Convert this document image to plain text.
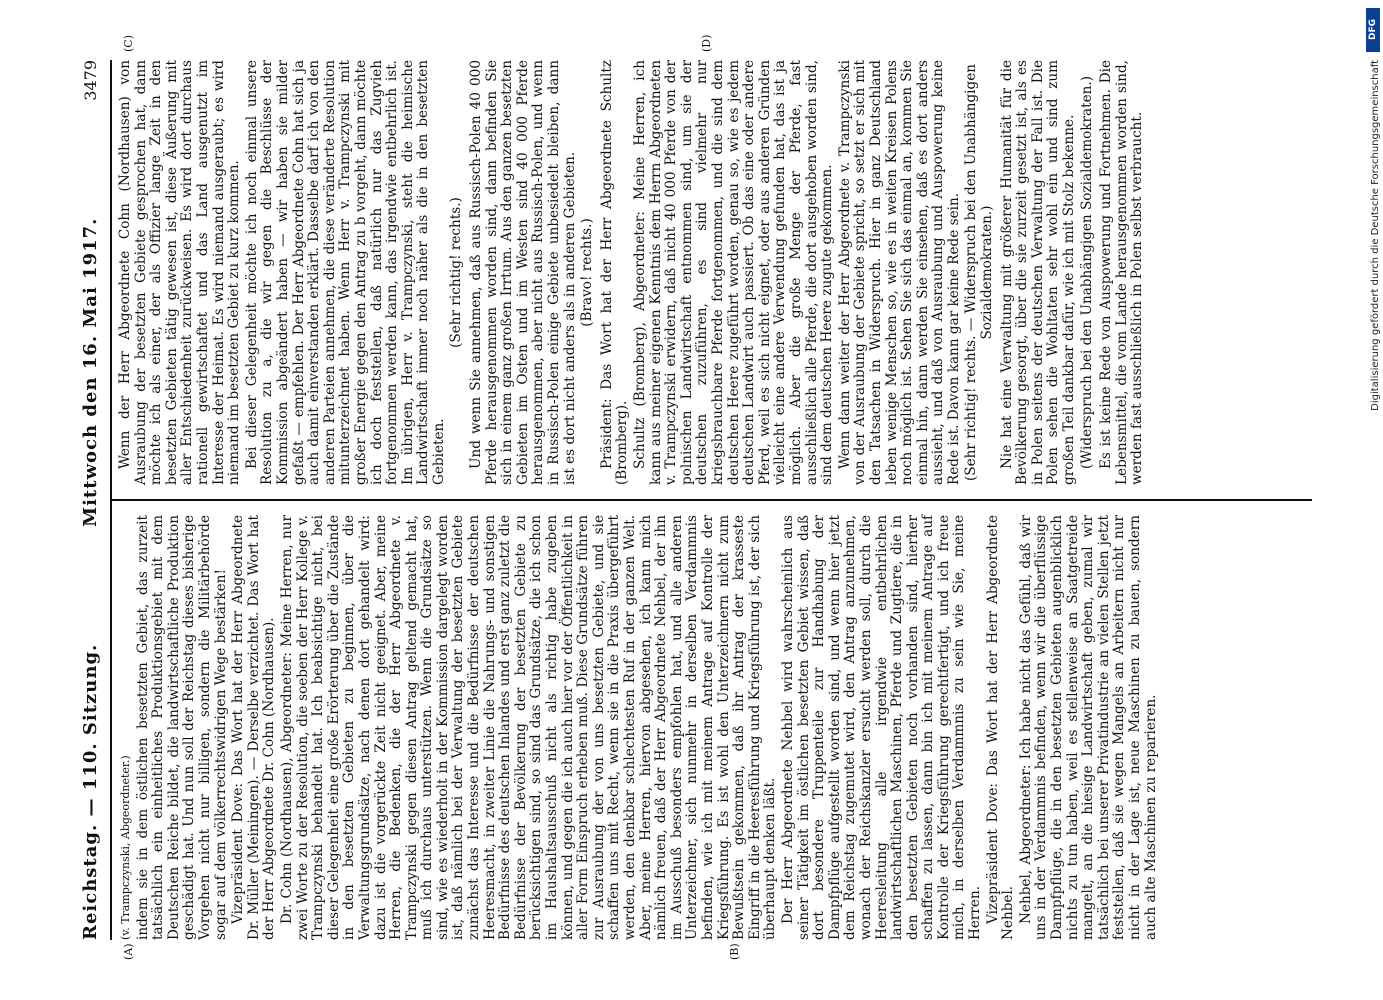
Reichstag. — 110. Sitzung.
Mittwoch den 16. Mai 1917.
3479
(A)	(B)
(C)	(D)

(v. Trampczynski, Abgeordneter.) indem sie in dem östlichen besetzten Gebiet, das zurzeit tatsächlich ein einheitliches Produktionsgebiet mit dem Deutschen Reiche bildet, die landwirtschaftliche Produktion geschädigt hat. Und nun soll der Reichstag dieses bisherige Vorgehen nicht nur billigen, sondern die Militärbehörde sogar auf dem völkerrechtswidrigen Wege bestärken! Vizepräsident Dove: Das Wort hat der Herr Abgeordnete Dr. Müller (Meiningen). — Derselbe verzichtet. Das Wort hat der Herr Abgeordnete Dr. Cohn (Nordhausen). Dr. Cohn (Nordhausen), Abgeordneter: Meine Herren, nur zwei Worte zu der Resolution, die soeben der Herr Kollege v. Trampczynski behandelt hat. Ich beabsichtige nicht, bei dieser Gelegenheit eine große Erörterung über die Zustände in den besetzten Gebieten zu beginnen, über die Verwaltungsgrundsätze, nach denen dort gehandelt wird: dazu ist die vorgerückte Zeit nicht geeignet. Aber, meine Herren, die Bedenken, die der Herr Abgeordnete v. Trampczynski gegen diesen Antrag geltend gemacht hat, muß ich durchaus unterstützen. Wenn die Grundsätze so sind, wie es wiederholt in der Kommission dargelegt worden ist, daß nämlich bei der Verwaltung der besetzten Gebiete zunächst das Interesse und die Bedürfnisse der deutschen Heeresmacht, in zweiter Linie die Nahrungs- und sonstigen Bedürfnisse des deutschen Inlandes und erst ganz zuletzt die Bedürfnisse der Bevölkerung der besetzten Gebiete zu berücksichtigen sind, so sind das Grundsätze, die ich schon im Haushaltsausschuß nicht als richtig habe zugeben können, und gegen die ich auch hier vor der Öffentlichkeit in aller Form Einspruch erheben muß. Diese Grundsätze führen zur Ausraubung der von uns besetzten Gebiete, und sie schaffen uns mit Recht, wenn sie in die Praxis übergeführt werden, den denkbar schlechtesten Ruf in der ganzen Welt. Aber, meine Herren, hiervon abgesehen, ich kann mich nämlich freuen, daß der Herr Abgeordnete Nehbel, der ihn im Ausschuß besonders empfohlen hat, und alle anderen Unterzeichner, sich nunmehr in derselben Verdammnis befinden, wie ich mit meinem Antrage auf Kontrolle der Kriegsführung. Es ist wohl den Unterzeichnern nicht zum Bewußtsein gekommen, daß ihr Antrag der krasseste Eingriff in die Heeresführung und Kriegsführung ist, der sich überhaupt denken läßt. Der Herr Abgeordnete Nehbel wird wahrscheinlich aus seiner Tätigkeit im östlichen besetzten Gebiet wissen, daß dort besondere Truppenteile zur Handhabung der Dampfpflüge aufgestellt worden sind, und wenn hier jetzt dem Reichstag zugemutet wird, den Antrag anzunehmen, wonach der Reichskanzler ersucht werden soll, durch die Heeresleitung alle irgendwie entbehrlichen landwirtschaftlichen Maschinen, Pferde und Zugtiere, die in den besetzten Gebieten noch vorhanden sind, hierher schaffen zu lassen, dann bin ich mit meinem Antrage auf Kontrolle der Kriegsführung gerechtfertigt, und ich freue mich, in derselben Verdammnis zu sein wie Sie, meine Herren. Vizepräsident Dove: Das Wort hat der Herr Abgeordnete Nehbel. Nehbel, Abgeordneter: Ich habe nicht das Gefühl, daß wir uns in der Verdammnis befinden, wenn wir die überflüssige Dampfpflüge, die in den besetzten Gebieten augenblicklich nichts zu tun haben, weil es stellenweise an Saatgetreide mangelt, an die hiesige Landwirtschaft geben, zumal wir tatsächlich bei unserer Privatindustrie an vielen Stellen jetzt feststellen, daß sie wegen Mangels an Arbeitern nicht nur nicht in der Lage ist, neue Maschinen zu bauen, sondern auch alte Maschinen zu reparieren.

Wenn der Herr Abgeordnete Cohn (Nordhausen) von Ausraubung der besetzten Gebiete gesprochen hat, dann möchte ich als einer, der als Offizier lange Zeit in den besetzten Gebieten tätig gewesen ist, diese Äußerung mit aller Entschiedenheit zurückweisen. Es wird dort durchaus rationell gewirtschaftet und das Land ausgenutzt im Interesse der Heimat. Es wird niemand ausgeraubt; es wird niemand im besetzten Gebiet zu kurz kommen. Bei dieser Gelegenheit möchte ich noch einmal unsere Resolution zu a, die wir gegen die Beschlüsse der Kommission abgeändert haben — wir haben sie milder gefaßt — empfehlen. Der Herr Abgeordnete Cohn hat sich ja auch damit einverstanden erklärt. Dasselbe darf ich von den anderen Parteien annehmen, die diese veränderte Resolution mitunterzeichnet haben. Wenn Herr v. Trampczynski mit großer Energie gegen den Antrag zu b vorgeht, dann möchte ich doch feststellen, daß natürlich nur das Zugvieh fortgenommen werden kann, das irgendwie entbehrlich ist. Im übrigen, Herr v. Trampczynski, steht die heimische Landwirtschaft immer noch näher als die in den besetzten Gebieten.

(Sehr richtig! rechts.) Und wenn Sie annehmen, daß aus Russisch-Polen 40 000 Pferde herausgenommen worden sind, dann befinden Sie sich in einem ganz großen Irrtum. Aus den ganzen besetzten Gebieten im Osten und im Westen sind 40 000 Pferde herausgenommen, aber nicht aus Russisch-Polen, und wenn in Russisch-Polen einige Gebiete unbesiedelt bleiben, dann ist es dort nicht anders als in anderen Gebieten. (Bravo! rechts.) Präsident: Das Wort hat der Herr Abgeordnete Schultz (Bromberg). Schultz (Bromberg), Abgeordneter: Meine Herren, ich kann aus meiner eigenen Kenntnis dem Herrn Abgeordneten v. Trampczynski erwidern, daß nicht 40 000 Pferde von der polnischen Landwirtschaft entnommen sind, um sie der deutschen zuzuführen, es sind vielmehr nur kriegsbrauchbare Pferde fortgenommen, und die sind dem deutschen Heere zugeführt worden, genau so, wie es jedem deutschen Landwirt auch passiert. Ob das eine oder andere Pferd, weil es sich nicht eignet, oder aus anderen Gründen vielleicht eine andere Verwendung gefunden hat, das ist ja möglich. Aber die große Menge der Pferde, fast ausschließlich alle Pferde, die dort ausgehoben worden sind, sind dem deutschen Heere zugute gekommen. Wenn dann weiter der Herr Abgeordnete v. Trampczynski von der Ausraubung der Gebiete spricht, so setzt er sich mit den Tatsachen in Widerspruch. Hier in ganz Deutschland leben wenige Menschen so, wie es in weiten Kreisen Polens noch möglich ist. Sehen Sie sich das einmal an, kommen Sie einmal hin, dann werden Sie einsehen, daß es dort anders aussieht, und daß von Ausraubung und Auspowerung keine Rede ist. Davon kann gar keine Rede sein. (Sehr richtig! rechts. — Widerspruch bei den Unabhängigen Sozialdemokraten.) Nie hat eine Verwaltung mit größerer Humanität für die Bevölkerung gesorgt, über die sie zurzeit gesetzt ist, als es in Polen seitens der deutschen Verwaltung der Fall ist. Die Polen sehen die Wohltaten sehr wohl ein und sind zum großen Teil dankbar dafür, wie ich mit Stolz bekenne. (Widerspruch bei den Unabhängigen Sozialdemokraten.) Es ist keine Rede von Auspowerung und Fortnehmen. Die Lebensmittel, die vom Lande herausgenommen worden sind, werden fast ausschließlich in Polen selbst verbraucht.

DFG
Digitalisierung gefördert durch die Deutsche Forschungsgemeinschaft
